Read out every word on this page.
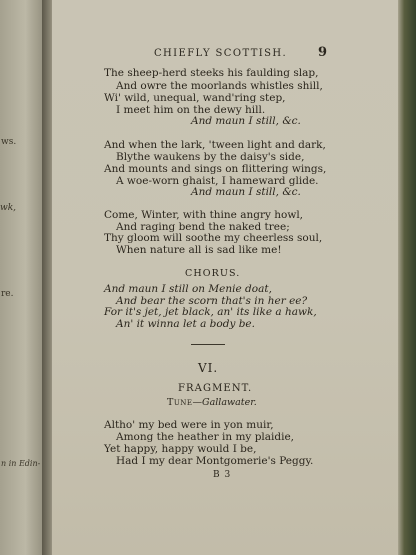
ws.
wk,
re.
n in Edin-
CHIEFLY SCOTTISH. 9
The sheep-herd steeks his faulding slap,
And owre the moorlands whistles shill,
Wi' wild, unequal, wand'ring step,
I meet him on the dewy hill.
And maun I still, &c.
And when the lark, 'tween light and dark,
Blythe waukens by the daisy's side,
And mounts and sings on flittering wings,
A woe-worn ghaist, I hameward glide.
And maun I still, &c.
Come, Winter, with thine angry howl,
And raging bend the naked tree;
Thy gloom will soothe my cheerless soul,
When nature all is sad like me!
CHORUS.
And maun I still on Menie doat,
And bear the scorn that's in her ee?
For it's jet, jet black, an' its like a hawk,
An' it winna let a body be.
VI.
FRAGMENT.
Tune—Gallawater.
Altho' my bed were in yon muir,
Among the heather in my plaidie,
Yet happy, happy would I be,
Had I my dear Montgomerie's Peggy.
B 3
